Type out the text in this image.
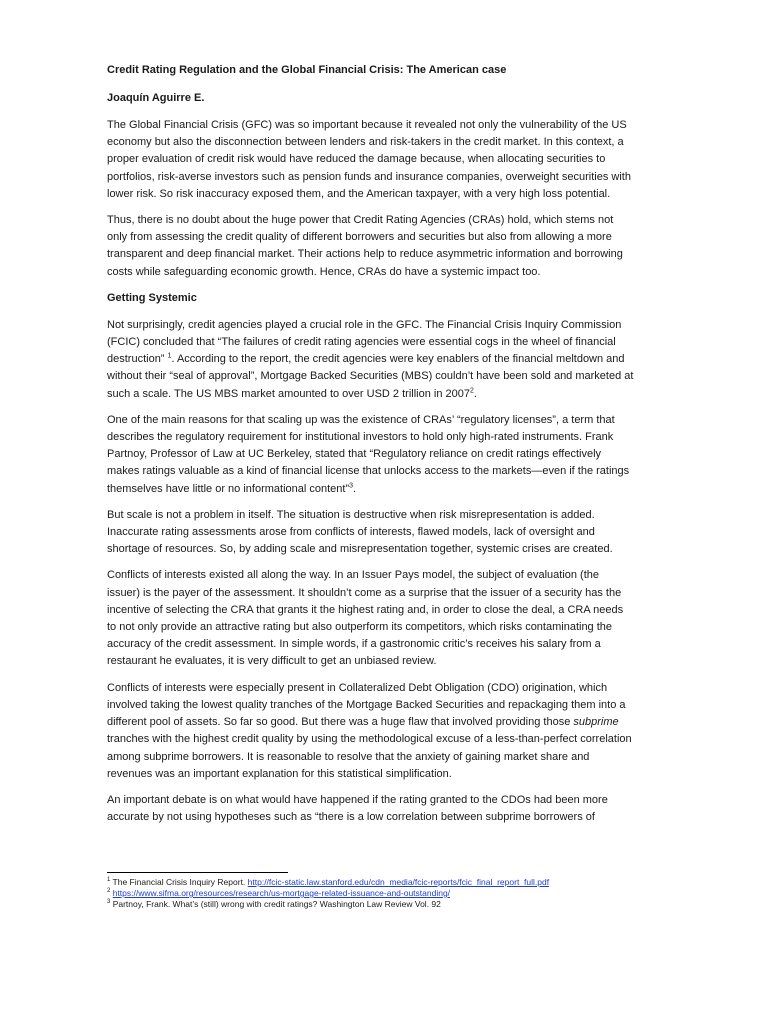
Credit Rating Regulation and the Global Financial Crisis: The American case
Joaquín Aguirre E.

The Global Financial Crisis (GFC) was so important because it revealed not only the vulnerability of the US economy but also the disconnection between lenders and risk-takers in the credit market. In this context, a proper evaluation of credit risk would have reduced the damage because, when allocating securities to portfolios, risk-averse investors such as pension funds and insurance companies, overweight securities with lower risk. So risk inaccuracy exposed them, and the American taxpayer, with a very high loss potential.

Thus, there is no doubt about the huge power that Credit Rating Agencies (CRAs) hold, which stems not only from assessing the credit quality of different borrowers and securities but also from allowing a more transparent and deep financial market. Their actions help to reduce asymmetric information and borrowing costs while safeguarding economic growth. Hence, CRAs do have a systemic impact too.

Getting Systemic

Not surprisingly, credit agencies played a crucial role in the GFC. The Financial Crisis Inquiry Commission (FCIC) concluded that “The failures of credit rating agencies were essential cogs in the wheel of financial destruction” $^1$. According to the report, the credit agencies were key enablers of the financial meltdown and without their “seal of approval”, Mortgage Backed Securities (MBS) couldn’t have been sold and marketed at such a scale. The US MBS market amounted to over USD 2 trillion in 2007$^2$.

One of the main reasons for that scaling up was the existence of CRAs’ “regulatory licenses”, a term that describes the regulatory requirement for institutional investors to hold only high-rated instruments. Frank Partnoy, Professor of Law at UC Berkeley, stated that “Regulatory reliance on credit ratings effectively makes ratings valuable as a kind of financial license that unlocks access to the markets—even if the ratings themselves have little or no informational content”$^3$.

But scale is not a problem in itself. The situation is destructive when risk misrepresentation is added. Inaccurate rating assessments arose from conflicts of interests, flawed models, lack of oversight and shortage of resources. So, by adding scale and misrepresentation together, systemic crises are created.

Conflicts of interests existed all along the way. In an Issuer Pays model, the subject of evaluation (the issuer) is the payer of the assessment. It shouldn’t come as a surprise that the issuer of a security has the incentive of selecting the CRA that grants it the highest rating and, in order to close the deal, a CRA needs to not only provide an attractive rating but also outperform its competitors, which risks contaminating the accuracy of the credit assessment. In simple words, if a gastronomic critic’s receives his salary from a restaurant he evaluates, it is very difficult to get an unbiased review.

Conflicts of interests were especially present in Collateralized Debt Obligation (CDO) origination, which involved taking the lowest quality tranches of the Mortgage Backed Securities and repackaging them into a different pool of assets. So far so good. But there was a huge flaw that involved providing those subprime tranches with the highest credit quality by using the methodological excuse of a less-than-perfect correlation among subprime borrowers. It is reasonable to resolve that the anxiety of gaining market share and revenues was an important explanation for this statistical simplification.

An important debate is on what would have happened if the rating granted to the CDOs had been more accurate by not using hypotheses such as “there is a low correlation between subprime borrowers of

$^1$ The Financial Crisis Inquiry Report. http://fcic-static.law.stanford.edu/cdn_media/fcic-reports/fcic_final_report_full.pdf

$^2$ https://www.sifma.org/resources/research/us-mortgage-related-issuance-and-outstanding/

$^3$ Partnoy, Frank. What’s (still) wrong with credit ratings? Washington Law Review Vol. 92
